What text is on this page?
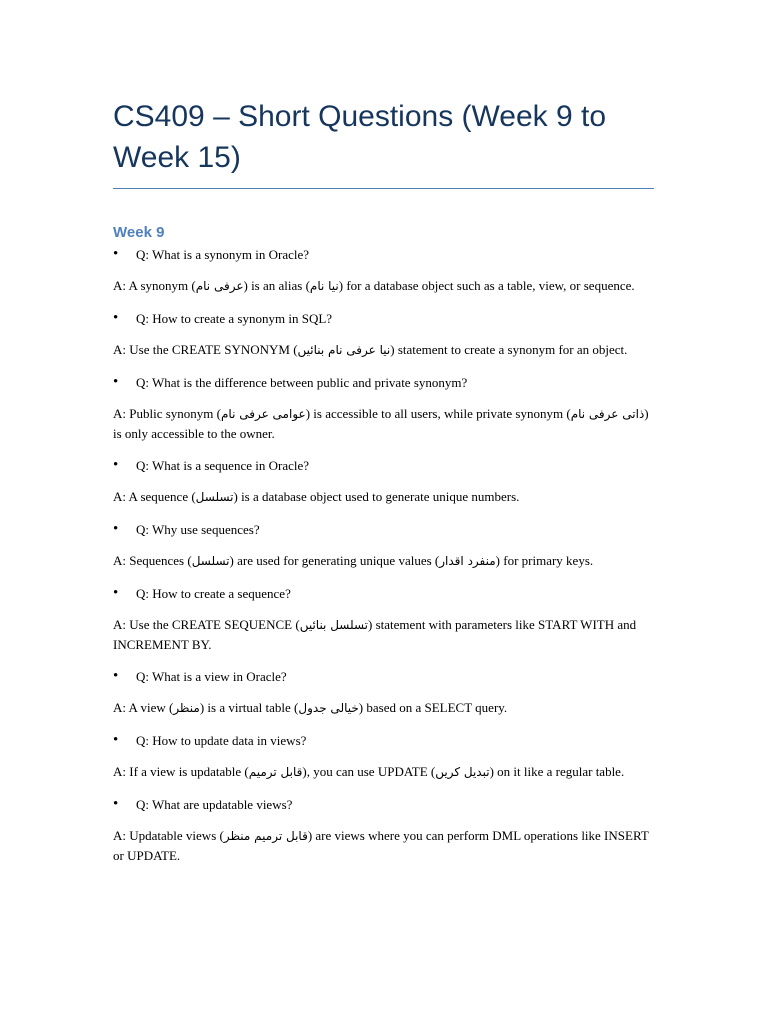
CS409 – Short Questions (Week 9 to Week 15)
Week 9

• Q: What is a synonym in Oracle?

A: A synonym (عرفی نام) is an alias (نیا نام) for a database object such as a table, view, or sequence.

• Q: How to create a synonym in SQL?

A: Use the CREATE SYNONYM (نیا عرفی نام بنائیں) statement to create a synonym for an object.

• Q: What is the difference between public and private synonym?

A: Public synonym (عوامی عرفی نام) is accessible to all users, while private synonym (ذاتی عرفی نام) is only accessible to the owner.

• Q: What is a sequence in Oracle?

A: A sequence (تسلسل) is a database object used to generate unique numbers.

• Q: Why use sequences?

A: Sequences (تسلسل) are used for generating unique values (منفرد اقدار) for primary keys.

• Q: How to create a sequence?

A: Use the CREATE SEQUENCE (تسلسل بنائیں) statement with parameters like START WITH and INCREMENT BY.

• Q: What is a view in Oracle?

A: A view (منظر) is a virtual table (خیالی جدول) based on a SELECT query.

• Q: How to update data in views?

A: If a view is updatable (قابل ترمیم), you can use UPDATE (تبدیل کریں) on it like a regular table.

• Q: What are updatable views?

A: Updatable views (قابل ترمیم منظر) are views where you can perform DML operations like INSERT or UPDATE.
